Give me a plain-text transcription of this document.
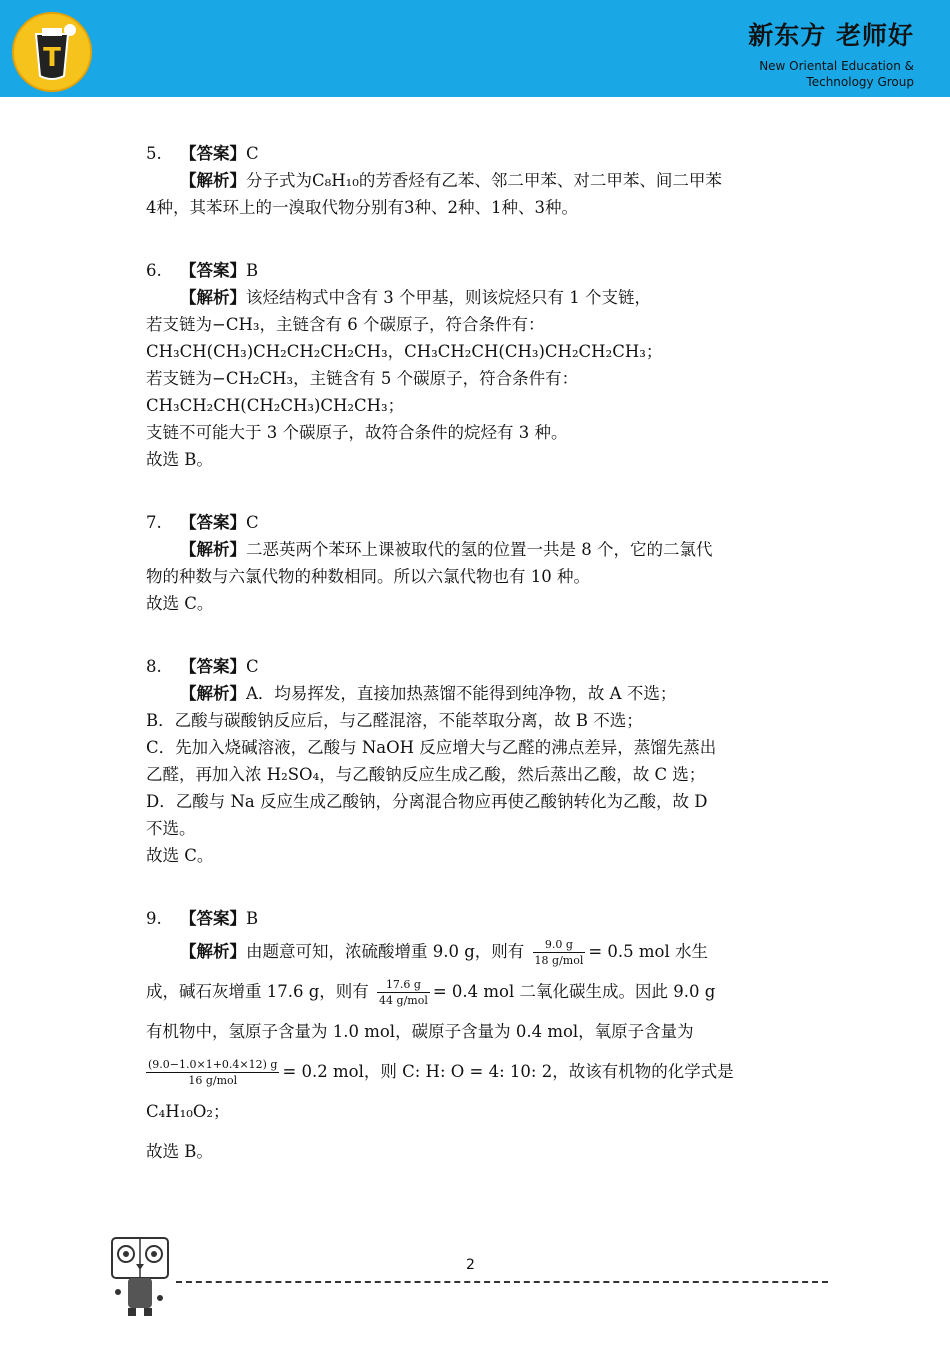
T
新东方 老师好
New Oriental Education &
Technology Group
5. 【答案】C
【解析】分子式为C₈H₁₀的芳香烃有乙苯、邻二甲苯、对二甲苯、间二甲苯
4种，其苯环上的一溴取代物分别有3种、2种、1种、3种。
6. 【答案】B
【解析】该烃结构式中含有 3 个甲基，则该烷烃只有 1 个支链，
若支链为−CH₃，主链含有 6 个碳原子，符合条件有：
CH₃CH(CH₃)CH₂CH₂CH₂CH₃，CH₃CH₂CH(CH₃)CH₂CH₂CH₃；
若支链为−CH₂CH₃，主链含有 5 个碳原子，符合条件有：
CH₃CH₂CH(CH₂CH₃)CH₂CH₃；
支链不可能大于 3 个碳原子，故符合条件的烷烃有 3 种。
故选 B。
7. 【答案】C
【解析】二恶英两个苯环上课被取代的氢的位置一共是 8 个，它的二氯代
物的种数与六氯代物的种数相同。所以六氯代物也有 10 种。
故选 C。
8. 【答案】C
【解析】A．均易挥发，直接加热蒸馏不能得到纯净物，故 A 不选；
B．乙酸与碳酸钠反应后，与乙醛混溶，不能萃取分离，故 B 不选；
C．先加入烧碱溶液，乙酸与 NaOH 反应增大与乙醛的沸点差异，蒸馏先蒸出
乙醛，再加入浓 H₂SO₄，与乙酸钠反应生成乙酸，然后蒸出乙酸，故 C 选；
D．乙酸与 Na 反应生成乙酸钠，分离混合物应再使乙酸钠转化为乙酸，故 D
不选。
故选 C。
9. 【答案】B
【解析】由题意可知，浓硫酸增重 9.0 g，则有 $\frac{9.0 g}{\text{18 g/mol}} = 0.5$ mol 水生
成，碱石灰增重 17.6 g，则有 $\frac{17.6 g}{\text{44 g/mol}} = 0.4$ mol 二氧化碳生成。因此 9.0 g
有机物中，氢原子含量为 1.0 mol，碳原子含量为 0.4 mol，氧原子含量为
$\frac{(9.0-1.0\times 1+0.4\times 12) g}{\text{16 g/mol}} = 0.2$ mol，则 C: H: O = 4: 10: 2，故该有机物的化学式是
C₄H₁₀O₂；
故选 B。
2
